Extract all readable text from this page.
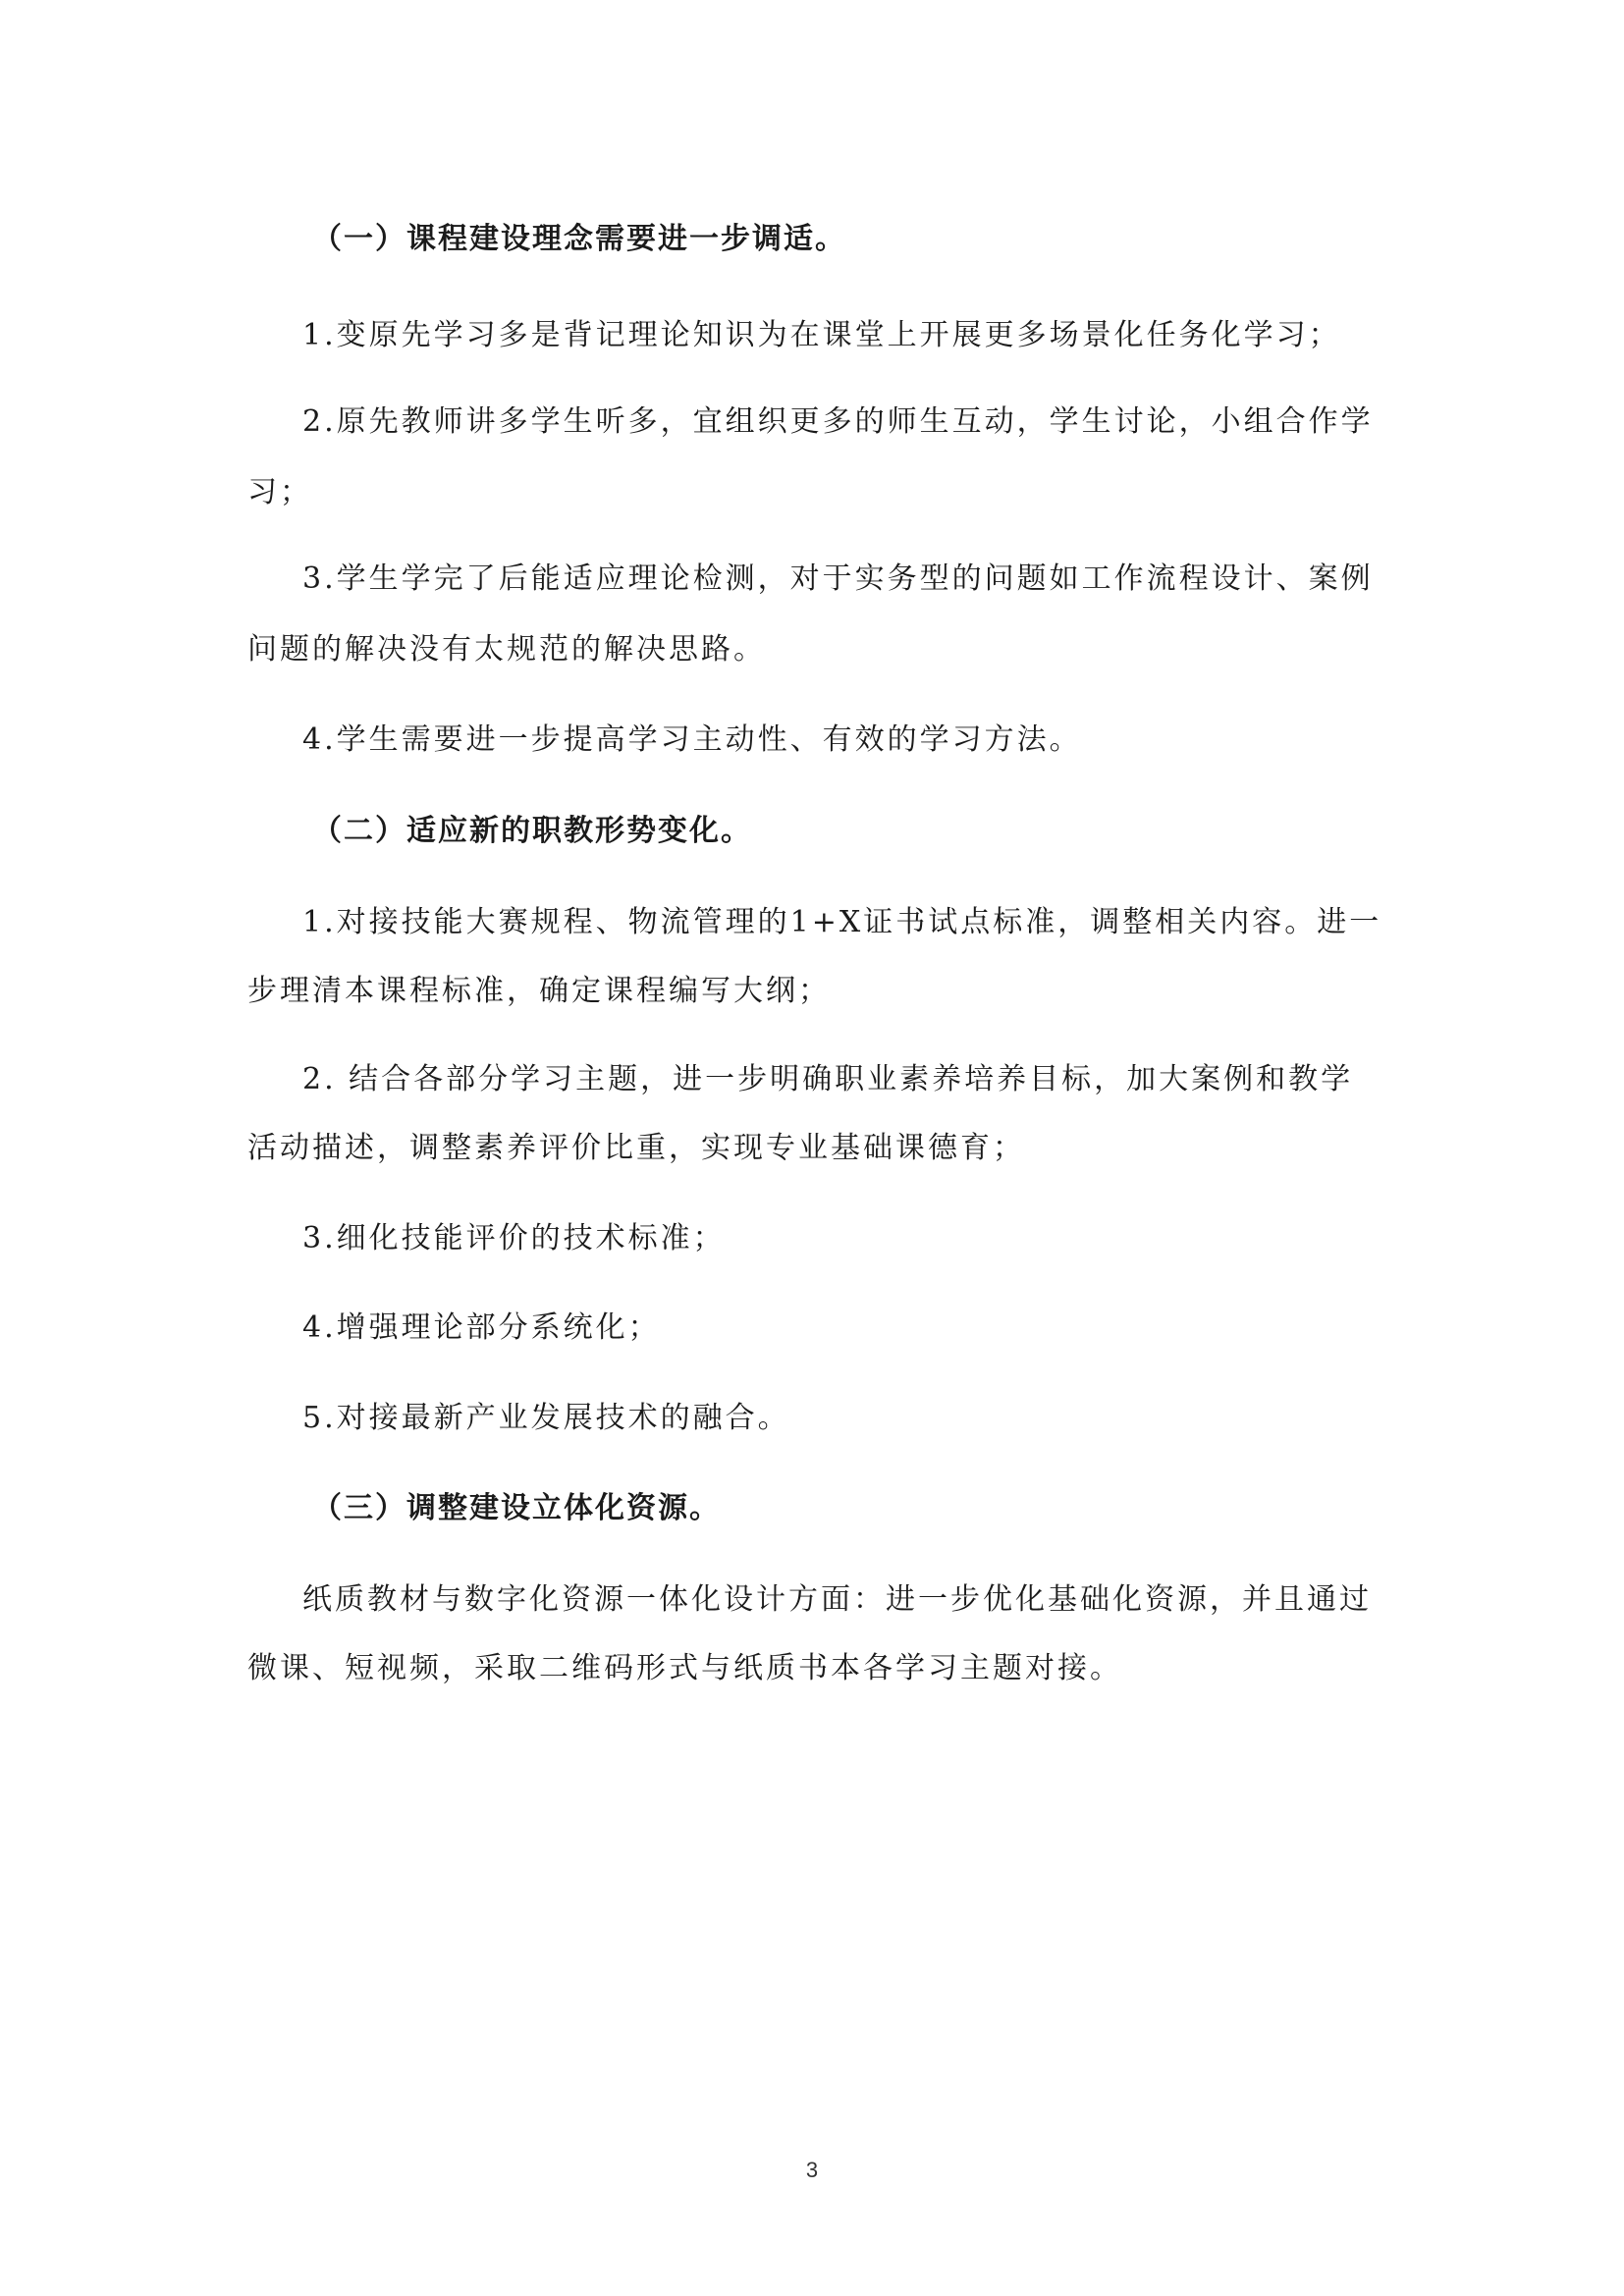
（一）课程建设理念需要进一步调适。

1.变原先学习多是背记理论知识为在课堂上开展更多场景化任务化学习；

2.原先教师讲多学生听多，宜组织更多的师生互动，学生讨论，小组合作学

习；

3.学生学完了后能适应理论检测，对于实务型的问题如工作流程设计、案例

问题的解决没有太规范的解决思路。

4.学生需要进一步提高学习主动性、有效的学习方法。

（二）适应新的职教形势变化。

1.对接技能大赛规程、物流管理的1+X证书试点标准，调整相关内容。进一

步理清本课程标准，确定课程编写大纲；

2. 结合各部分学习主题，进一步明确职业素养培养目标，加大案例和教学

活动描述，调整素养评价比重，实现专业基础课德育；

3.细化技能评价的技术标准；

4.增强理论部分系统化；

5.对接最新产业发展技术的融合。

（三）调整建设立体化资源。

纸质教材与数字化资源一体化设计方面：进一步优化基础化资源，并且通过

微课、短视频，采取二维码形式与纸质书本各学习主题对接。

3
